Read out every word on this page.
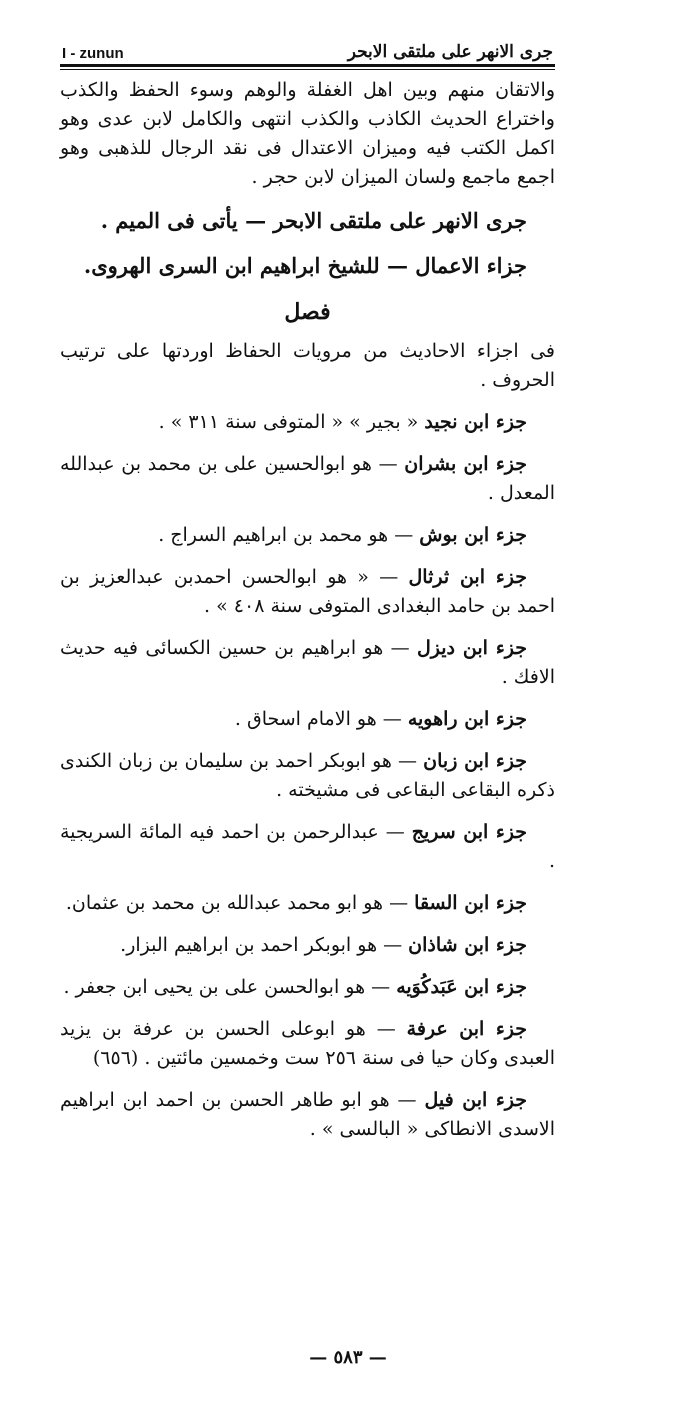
I - zunun	جرى الانهر على ملتقى الابحر

والاتقان منهم وبين اهل الغفلة والوهم وسوء الحفظ والكذب واختراع الحديث الكاذب والكذب انتهى والكامل لابن عدى وهو اكمل الكتب فيه وميزان الاعتدال فى نقد الرجال للذهبى وهو اجمع ماجمع ولسان الميزان لابن حجر .

جرى الانهر على ملتقى الابحر — يأتى فى الميم .

جزاء الاعمال — للشيخ ابراهيم ابن السرى الهروى.

فصل

فى اجزاء الاحاديث من مرويات الحفاظ اوردتها على ترتيب الحروف .

جزء ابن نجيد « بجير » « المتوفى سنة ٣١١ » .

جزء ابن بشران — هو ابوالحسين على بن محمد بن عبدالله المعدل .

جزء ابن بوش — هو محمد بن ابراهيم السراج .

جزء ابن ثرثال — « هو ابوالحسن احمدبن عبدالعزيز بن احمد بن حامد البغدادى المتوفى سنة ٤٠٨ » .

جزء ابن ديزل — هو ابراهيم بن حسين الكسائى فيه حديث الافك .

جزء ابن راهويه — هو الامام اسحاق .

جزء ابن زبان — هو ابوبكر احمد بن سليمان بن زبان الكندى ذكره البقاعى البقاعى فى مشيخته .

جزء ابن سريج — عبدالرحمن بن احمد فيه المائة السريجية .

جزء ابن السقا — هو ابو محمد عبدالله بن محمد بن عثمان.

جزء ابن شاذان — هو ابوبكر احمد بن ابراهيم البزار.

جزء ابن عَبَدكُوَيه — هو ابوالحسن على بن يحيى ابن جعفر .

جزء ابن عرفة — هو ابوعلى الحسن بن عرفة بن يزيد العبدى وكان حيا فى سنة ٢٥٦ ست وخمسين مائتين . (٦٥٦)

جزء ابن فيل — هو ابو طاهر الحسن بن احمد ابن ابراهيم الاسدى الانطاكى « البالسى » .

— ٥٨٣ —
